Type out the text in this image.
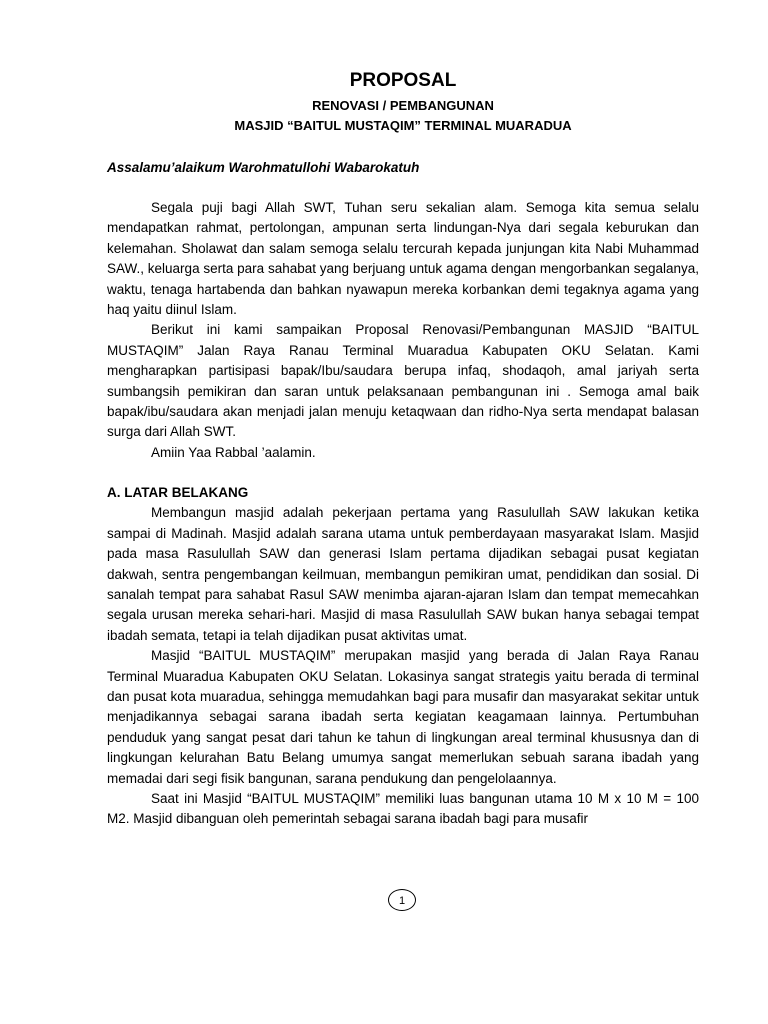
PROPOSAL

RENOVASI / PEMBANGUNAN

MASJID “BAITUL MUSTAQIM” TERMINAL MUARADUA

Assalamu’alaikum Warohmatullohi Wabarokatuh

Segala puji bagi Allah SWT, Tuhan seru sekalian alam. Semoga kita semua selalu mendapatkan rahmat, pertolongan, ampunan serta lindungan-Nya dari segala keburukan dan kelemahan. Sholawat dan salam semoga selalu tercurah kepada junjungan kita Nabi Muhammad SAW., keluarga serta para sahabat yang berjuang untuk agama dengan mengorbankan segalanya, waktu, tenaga hartabenda dan bahkan nyawapun mereka korbankan demi tegaknya agama yang haq yaitu diinul Islam.

Berikut ini kami sampaikan Proposal Renovasi/Pembangunan MASJID “BAITUL MUSTAQIM” Jalan Raya Ranau Terminal Muaradua Kabupaten OKU Selatan. Kami mengharapkan partisipasi bapak/Ibu/saudara berupa infaq, shodaqoh, amal jariyah serta sumbangsih pemikiran dan saran untuk pelaksanaan pembangunan ini . Semoga amal baik bapak/ibu/saudara akan menjadi jalan menuju ketaqwaan dan ridho-Nya serta mendapat balasan surga dari Allah SWT.

Amiin Yaa Rabbal ’aalamin.

A. LATAR BELAKANG

Membangun masjid adalah pekerjaan pertama yang Rasulullah SAW lakukan ketika sampai di Madinah. Masjid adalah sarana utama untuk pemberdayaan masyarakat Islam. Masjid pada masa Rasulullah SAW dan generasi Islam pertama dijadikan sebagai pusat kegiatan dakwah, sentra pengembangan keilmuan, membangun pemikiran umat, pendidikan dan sosial. Di sanalah tempat para sahabat Rasul SAW menimba ajaran-ajaran Islam dan tempat memecahkan segala urusan mereka sehari-hari. Masjid di masa Rasulullah SAW bukan hanya sebagai tempat ibadah semata, tetapi ia telah dijadikan pusat aktivitas umat.

Masjid “BAITUL MUSTAQIM” merupakan masjid yang berada di Jalan Raya Ranau Terminal Muaradua Kabupaten OKU Selatan. Lokasinya sangat strategis yaitu berada di terminal dan pusat kota muaradua, sehingga memudahkan bagi para musafir dan masyarakat sekitar untuk menjadikannya sebagai sarana ibadah serta kegiatan keagamaan lainnya. Pertumbuhan penduduk yang sangat pesat dari tahun ke tahun di lingkungan areal terminal khususnya dan di lingkungan kelurahan Batu Belang umumya sangat memerlukan sebuah sarana ibadah yang memadai dari segi fisik bangunan, sarana pendukung dan pengelolaannya.

Saat ini Masjid “BAITUL MUSTAQIM” memiliki luas bangunan utama 10 M x 10 M = 100 M2. Masjid dibanguan oleh pemerintah sebagai sarana ibadah bagi para musafir

1
